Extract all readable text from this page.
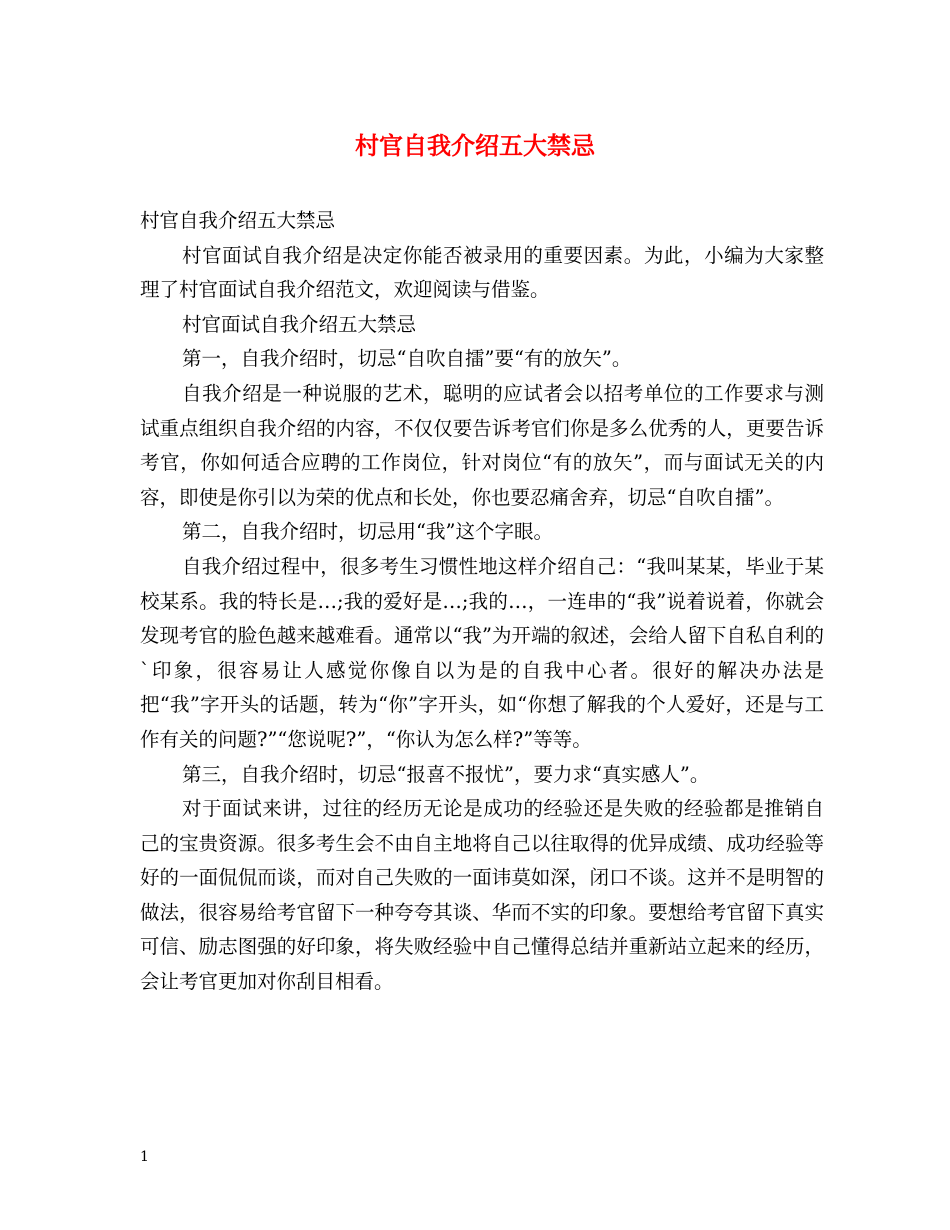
村官自我介绍五大禁忌

村官自我介绍五大禁忌

村官面试自我介绍是决定你能否被录用的重要因素。为此，小编为大家整理了村官面试自我介绍范文，欢迎阅读与借鉴。

村官面试自我介绍五大禁忌

第一，自我介绍时，切忌“自吹自擂”要“有的放矢”。

自我介绍是一种说服的艺术，聪明的应试者会以招考单位的工作要求与测试重点组织自我介绍的内容，不仅仅要告诉考官们你是多么优秀的人，更要告诉考官，你如何适合应聘的工作岗位，针对岗位“有的放矢”，而与面试无关的内容，即使是你引以为荣的优点和长处，你也要忍痛舍弃，切忌“自吹自擂”。

第二，自我介绍时，切忌用“我”这个字眼。

自我介绍过程中，很多考生习惯性地这样介绍自己：“我叫某某，毕业于某校某系。我的特长是…;我的爱好是…;我的…，一连串的“我”说着说着，你就会发现考官的脸色越来越难看。通常以“我”为开端的叙述，会给人留下自私自利的`印象，很容易让人感觉你像自以为是的自我中心者。很好的解决办法是把“我”字开头的话题，转为“你”字开头，如“你想了解我的个人爱好，还是与工作有关的问题?”“您说呢?”，“你认为怎么样?”等等。

第三，自我介绍时，切忌“报喜不报忧”，要力求“真实感人”。

对于面试来讲，过往的经历无论是成功的经验还是失败的经验都是推销自己的宝贵资源。很多考生会不由自主地将自己以往取得的优异成绩、成功经验等好的一面侃侃而谈，而对自己失败的一面讳莫如深，闭口不谈。这并不是明智的做法，很容易给考官留下一种夸夸其谈、华而不实的印象。要想给考官留下真实可信、励志图强的好印象，将失败经验中自己懂得总结并重新站立起来的经历，会让考官更加对你刮目相看。

1
